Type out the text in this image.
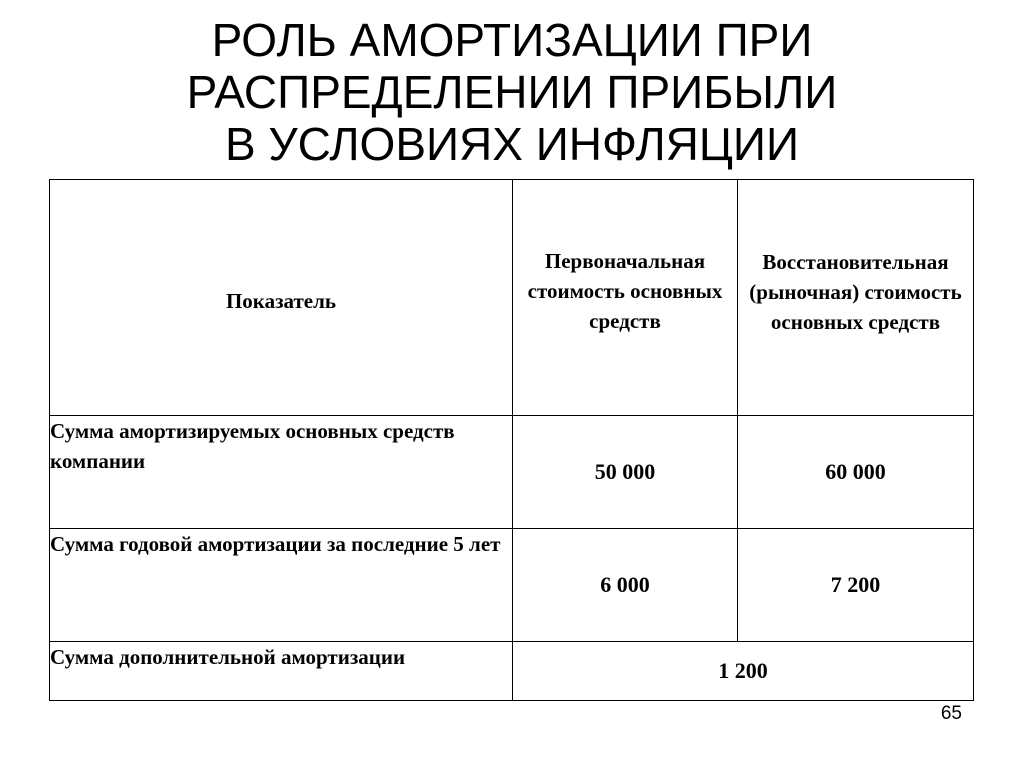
РОЛЬ АМОРТИЗАЦИИ ПРИ
РАСПРЕДЕЛЕНИИ ПРИБЫЛИ
В УСЛОВИЯХ ИНФЛЯЦИИ
Показатель	Первоначальная стоимость основных средств	Восстановительная (рыночная) стоимость основных средств
Сумма амортизируемых основных средств компании	50 000	60 000
Сумма годовой амортизации за последние 5 лет	6 000	7 200
Сумма дополнительной амортизации	1 200	
65
